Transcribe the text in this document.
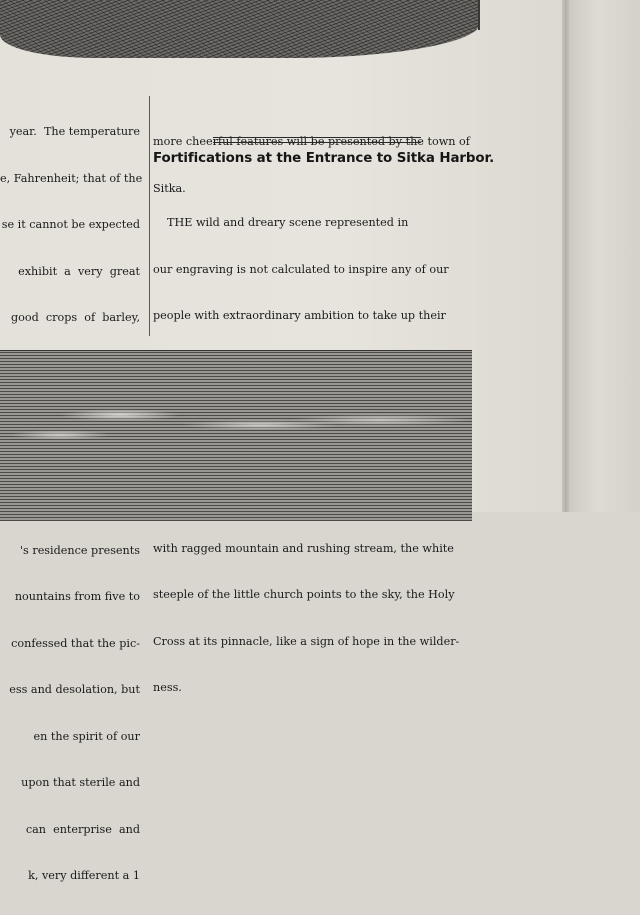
year.  The temperature

e, Fahrenheit; that of the

se it cannot be expected

exhibit  a  very  great

good  crops  of  barley,

's residence presents

nountains from five to

confessed that the pic-

ess and desolation, but

en the spirit of our

upon that sterile and

can  enterprise  and

k, very different a 1

more cheerful features will be presented by the town of

Sitka.

Fortifications at the Entrance to Sitka Harbor.

THE wild and dreary scene represented in

our engraving is not calculated to inspire any of our

people with extraordinary ambition to take up their

with ragged mountain and rushing stream, the white

steeple of the little church points to the sky, the Holy

Cross at its pinnacle, like a sign of hope in the wilder-

ness.
